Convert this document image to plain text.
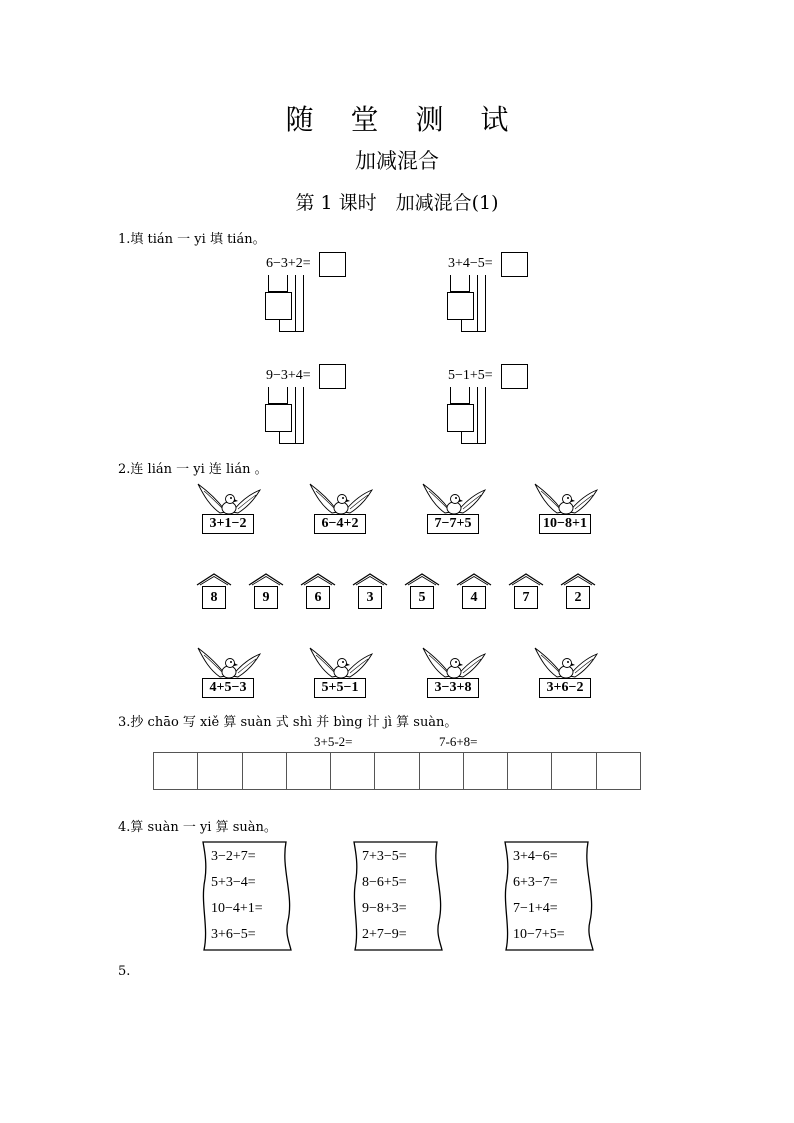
随 堂 测 试
加减混合
第 1 课时　加减混合(1)
1.填 tián 一 yi 填 tián。
6−3+2=	3+4−5=
9−3+4=	5−1+5=
2.连 lián 一 yi 连 lián 。
3+1−2	6−4+2	7−7+5	10−8+1
8	9	6	3	5	4	7	2
4+5−3	5+5−1	3−3+8	3+6−2
3.抄 chāo 写 xiě 算 suàn 式 shì 并 bìng 计 jì 算 suàn。
3+5-2=	7-6+8=
4.算 suàn 一 yi 算 suàn。
3−2+7=
5+3−4=
10−4+1=
3+6−5=
7+3−5=
8−6+5=
9−8+3=
2+7−9=
3+4−6=
6+3−7=
7−1+4=
10−7+5=
5.
